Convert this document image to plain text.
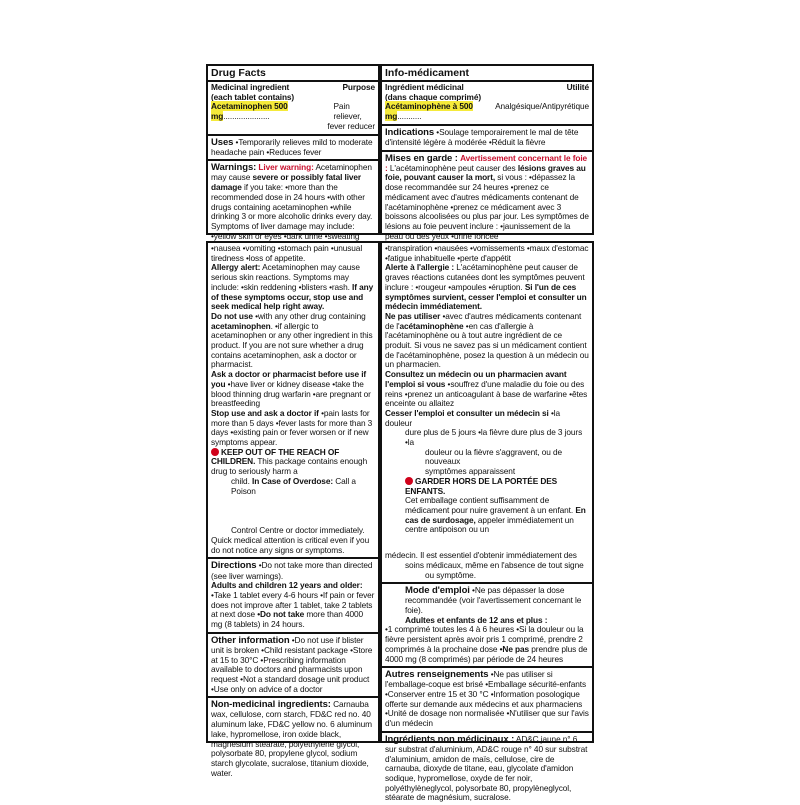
Drug Facts
Medicinal ingredient	Purpose
(each tablet contains)
Acetaminophen 500 mg.....................
Pain reliever,
fever reducer
Uses •Temporarily relieves mild to moderate headache pain •Reduces fever
Warnings: Liver warning: Acetaminophen may cause severe or possibly fatal liver damage if you take: •more than the recommended dose in 24 hours •with other drugs containing acetaminophen •while drinking 3 or more alcoholic drinks every day. Symptoms of liver damage may include: •yellow skin or eyes •dark urine •sweating
Info-médicament
Ingrédient médicinal	Utilité
(dans chaque comprimé)
Acétaminophène à 500 mg...........
Analgésique/Antipyrétique
Indications •Soulage temporairement le mal de tête d'intensité légère à modérée •Réduit la fièvre
Mises en garde : Avertissement concernant le foie : L'acétaminophène peut causer des lésions graves au foie, pouvant causer la mort, si vous : •dépassez la dose recommandée sur 24 heures •prenez ce médicament avec d'autres médicaments contenant de l'acétaminophène •prenez ce médicament avec 3 boissons alcoolisées ou plus par jour. Les symptômes de lésions au foie peuvent inclure : •jaunissement de la peau ou des yeux •urine foncée

•nausea •vomiting •stomach pain •unusual tiredness •loss of appetite.

Allergy alert: Acetaminophen may cause serious skin reactions. Symptoms may include: •skin reddening •blisters •rash. If any of these symptoms occur, stop use and seek medical help right away.

Do not use •with any other drug containing acetaminophen. •if allergic to acetaminophen or any other ingredient in this product. If you are not sure whether a drug contains acetaminophen, ask a doctor or pharmacist.

Ask a doctor or pharmacist before use if you •have liver or kidney disease •take the blood thinning drug warfarin •are pregnant or breastfeeding

Stop use and ask a doctor if •pain lasts for more than 5 days •fever lasts for more than 3 days •existing pain or fever worsen or if new symptoms appear.

KEEP OUT OF THE REACH OF CHILDREN. This package contains enough drug to seriously harm a

child. In Case of Overdose: Call a Poison

Control Centre or doctor immediately. Quick medical attention is critical even if you do not notice any signs or symptoms.

Directions •Do not take more than directed (see liver warnings).

Adults and children 12 years and older:

•Take 1 tablet every 4-6 hours •If pain or fever does not improve after 1 tablet, take 2 tablets at next dose •Do not take more than 4000 mg (8 tablets) in 24 hours.

Other information •Do not use if blister unit is broken •Child resistant package •Store at 15 to 30°C •Prescribing information available to doctors and pharmacists upon request •Not a standard dosage unit product •Use only on advice of a doctor
Non-medicinal ingredients: Carnauba wax, cellulose, corn starch, FD&C red no. 40 aluminum lake, FD&C yellow no. 6 aluminum lake, hypromellose, iron oxide black, magnesium stearate, polyethylene glycol, polysorbate 80, propylene glycol, sodium starch glycolate, sucralose, titanium dioxide, water.

•transpiration •nausées •vomissements •maux d'estomac •fatigue inhabituelle •perte d'appétit

Alerte à l'allergie : L'acétaminophène peut causer de graves réactions cutanées dont les symptômes peuvent inclure : •rougeur •ampoules •éruption. Si l'un de ces symptômes survient, cesser l'emploi et consulter un médecin immédiatement.

Ne pas utiliser •avec d'autres médicaments contenant de l'acétaminophène •en cas d'allergie à l'acétaminophène ou à tout autre ingrédient de ce produit. Si vous ne savez pas si un médicament contient de l'acétaminophène, posez la question à un médecin ou un pharmacien.

Consultez un médecin ou un pharmacien avant l'emploi si vous •souffrez d'une maladie du foie ou des reins •prenez un anticoagulant à base de warfarine •êtes enceinte ou allaitez

Cesser l'emploi et consulter un médecin si •la douleur

dure plus de 5 jours •la fièvre dure plus de 3 jours •la

douleur ou la fièvre s'aggravent, ou de nouveaux

symptômes apparaissent

GARDER HORS DE LA PORTÉE DES ENFANTS.

Cet emballage contient suffisamment de médicament pour nuire gravement à un enfant. En cas de surdosage, appeler immédiatement un centre antipoison ou un

médecin. Il est essentiel d'obtenir immédiatement des

soins médicaux, même en l'absence de tout signe

ou symptôme.

Mode d'emploi •Ne pas dépasser la dose recommandée (voir l'avertissement concernant le foie).

Adultes et enfants de 12 ans et plus :

•1 comprimé toutes les 4 à 6 heures •Si la douleur ou la fièvre persistent après avoir pris 1 comprimé, prendre 2 comprimés à la prochaine dose •Ne pas prendre plus de 4000 mg (8 comprimés) par période de 24 heures

Autres renseignements •Ne pas utiliser si l'emballage-coque est brisé •Emballage sécurité-enfants •Conserver entre 15 et 30 °C •Information posologique offerte sur demande aux médecins et aux pharmaciens •Unité de dosage non normalisée •N'utiliser que sur l'avis d'un médecin
Ingrédients non médicinaux : AD&C jaune n° 6 sur substrat d'aluminium, AD&C rouge n° 40 sur substrat d'aluminium, amidon de maïs, cellulose, cire de carnauba, dioxyde de titane, eau, glycolate d'amidon sodique, hypromellose, oxyde de fer noir, polyéthylèneglycol, polysorbate 80, propylèneglycol, stéarate de magnésium, sucralose.
